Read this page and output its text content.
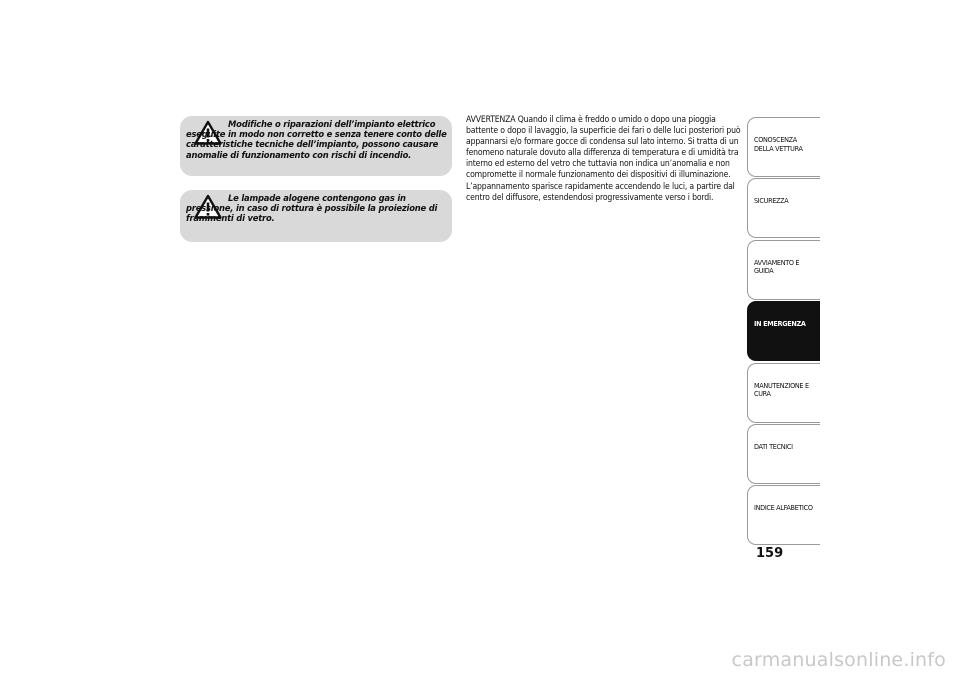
Modifiche o riparazioni dell’impianto elettrico eseguite in modo non corretto e senza tenere conto delle caratteristiche tecniche dell’impianto, possono causare anomalie di funzionamento con rischi di incendio.

Le lampade alogene contengono gas in pressione, in caso di rottura è possibile la proiezione di frammenti di vetro.

AVVERTENZA Quando il clima è freddo o umido o dopo una pioggia battente o dopo il lavaggio, la superficie dei fari o delle luci posteriori può appannarsi e/o formare gocce di condensa sul lato interno. Si tratta di un fenomeno naturale dovuto alla differenza di temperatura e di umidità tra interno ed esterno del vetro che tuttavia non indica un’anomalia e non compromette il normale funzionamento dei dispositivi di illuminazione. L’appannamento sparisce rapidamente accendendo le luci, a partire dal centro del diffusore, estendendosi progressivamente verso i bordi.

CONOSCENZA
DELLA VETTURA
SICUREZZA
AVVIAMENTO E
GUIDA
IN EMERGENZA
MANUTENZIONE E
CURA
DATI TECNICI
INDICE ALFABETICO
159
carmanualsonline.info
